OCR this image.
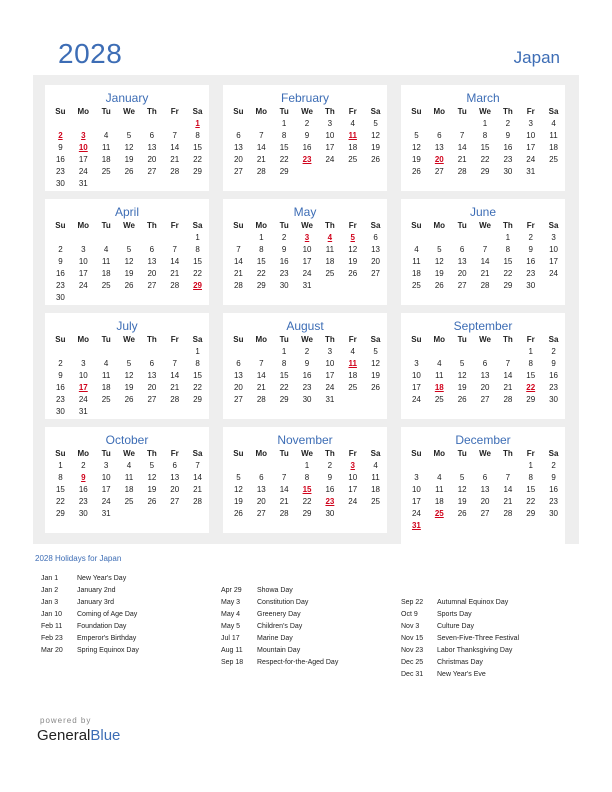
2028	Japan
January
Su	Mo	Tu	We	Th	Fr	Sa
						1
2	3	4	5	6	7	8
9	10	11	12	13	14	15
16	17	18	19	20	21	22
23	24	25	26	27	28	29
30	31					
February
Su	Mo	Tu	We	Th	Fr	Sa
		1	2	3	4	5
6	7	8	9	10	11	12
13	14	15	16	17	18	19
20	21	22	23	24	25	26
27	28	29				
March
Su	Mo	Tu	We	Th	Fr	Sa
			1	2	3	4
5	6	7	8	9	10	11
12	13	14	15	16	17	18
19	20	21	22	23	24	25
26	27	28	29	30	31	
April
Su	Mo	Tu	We	Th	Fr	Sa
						1
2	3	4	5	6	7	8
9	10	11	12	13	14	15
16	17	18	19	20	21	22
23	24	25	26	27	28	29
30						
May
Su	Mo	Tu	We	Th	Fr	Sa
	1	2	3	4	5	6
7	8	9	10	11	12	13
14	15	16	17	18	19	20
21	22	23	24	25	26	27
28	29	30	31			
June
Su	Mo	Tu	We	Th	Fr	Sa
				1	2	3
4	5	6	7	8	9	10
11	12	13	14	15	16	17
18	19	20	21	22	23	24
25	26	27	28	29	30	
July
Su	Mo	Tu	We	Th	Fr	Sa
						1
2	3	4	5	6	7	8
9	10	11	12	13	14	15
16	17	18	19	20	21	22
23	24	25	26	27	28	29
30	31					
August
Su	Mo	Tu	We	Th	Fr	Sa
		1	2	3	4	5
6	7	8	9	10	11	12
13	14	15	16	17	18	19
20	21	22	23	24	25	26
27	28	29	30	31		
September
Su	Mo	Tu	We	Th	Fr	Sa
					1	2
3	4	5	6	7	8	9
10	11	12	13	14	15	16
17	18	19	20	21	22	23
24	25	26	27	28	29	30
October
Su	Mo	Tu	We	Th	Fr	Sa
1	2	3	4	5	6	7
8	9	10	11	12	13	14
15	16	17	18	19	20	21
22	23	24	25	26	27	28
29	30	31				
November
Su	Mo	Tu	We	Th	Fr	Sa
			1	2	3	4
5	6	7	8	9	10	11
12	13	14	15	16	17	18
19	20	21	22	23	24	25
26	27	28	29	30		
December
Su	Mo	Tu	We	Th	Fr	Sa
					1	2
3	4	5	6	7	8	9
10	11	12	13	14	15	16
17	18	19	20	21	22	23
24	25	26	27	28	29	30
31						
2028 Holidays for Japan
Jan 1	New Year's Day
Jan 2	January 2nd
Jan 3	January 3rd
Jan 10 Coming of Age Day
Feb 11 Foundation Day
Feb 23 Emperor's Birthday
Mar 20 Spring Equinox Day
Apr 29 Showa Day
May 3 Constitution Day
May 4 Greenery Day
May 5 Children's Day
Jul 17 Marine Day
Aug 11 Mountain Day
Sep 18 Respect-for-the-Aged Day
Sep 22 Autumnal Equinox Day
Oct 9	Sports Day
Nov 3	Culture Day
Nov 15 Seven-Five-Three Festival
Nov 23 Labor Thanksgiving Day
Dec 25 Christmas Day
Dec 31 New Year's Eve
powered by
GeneralBlue
